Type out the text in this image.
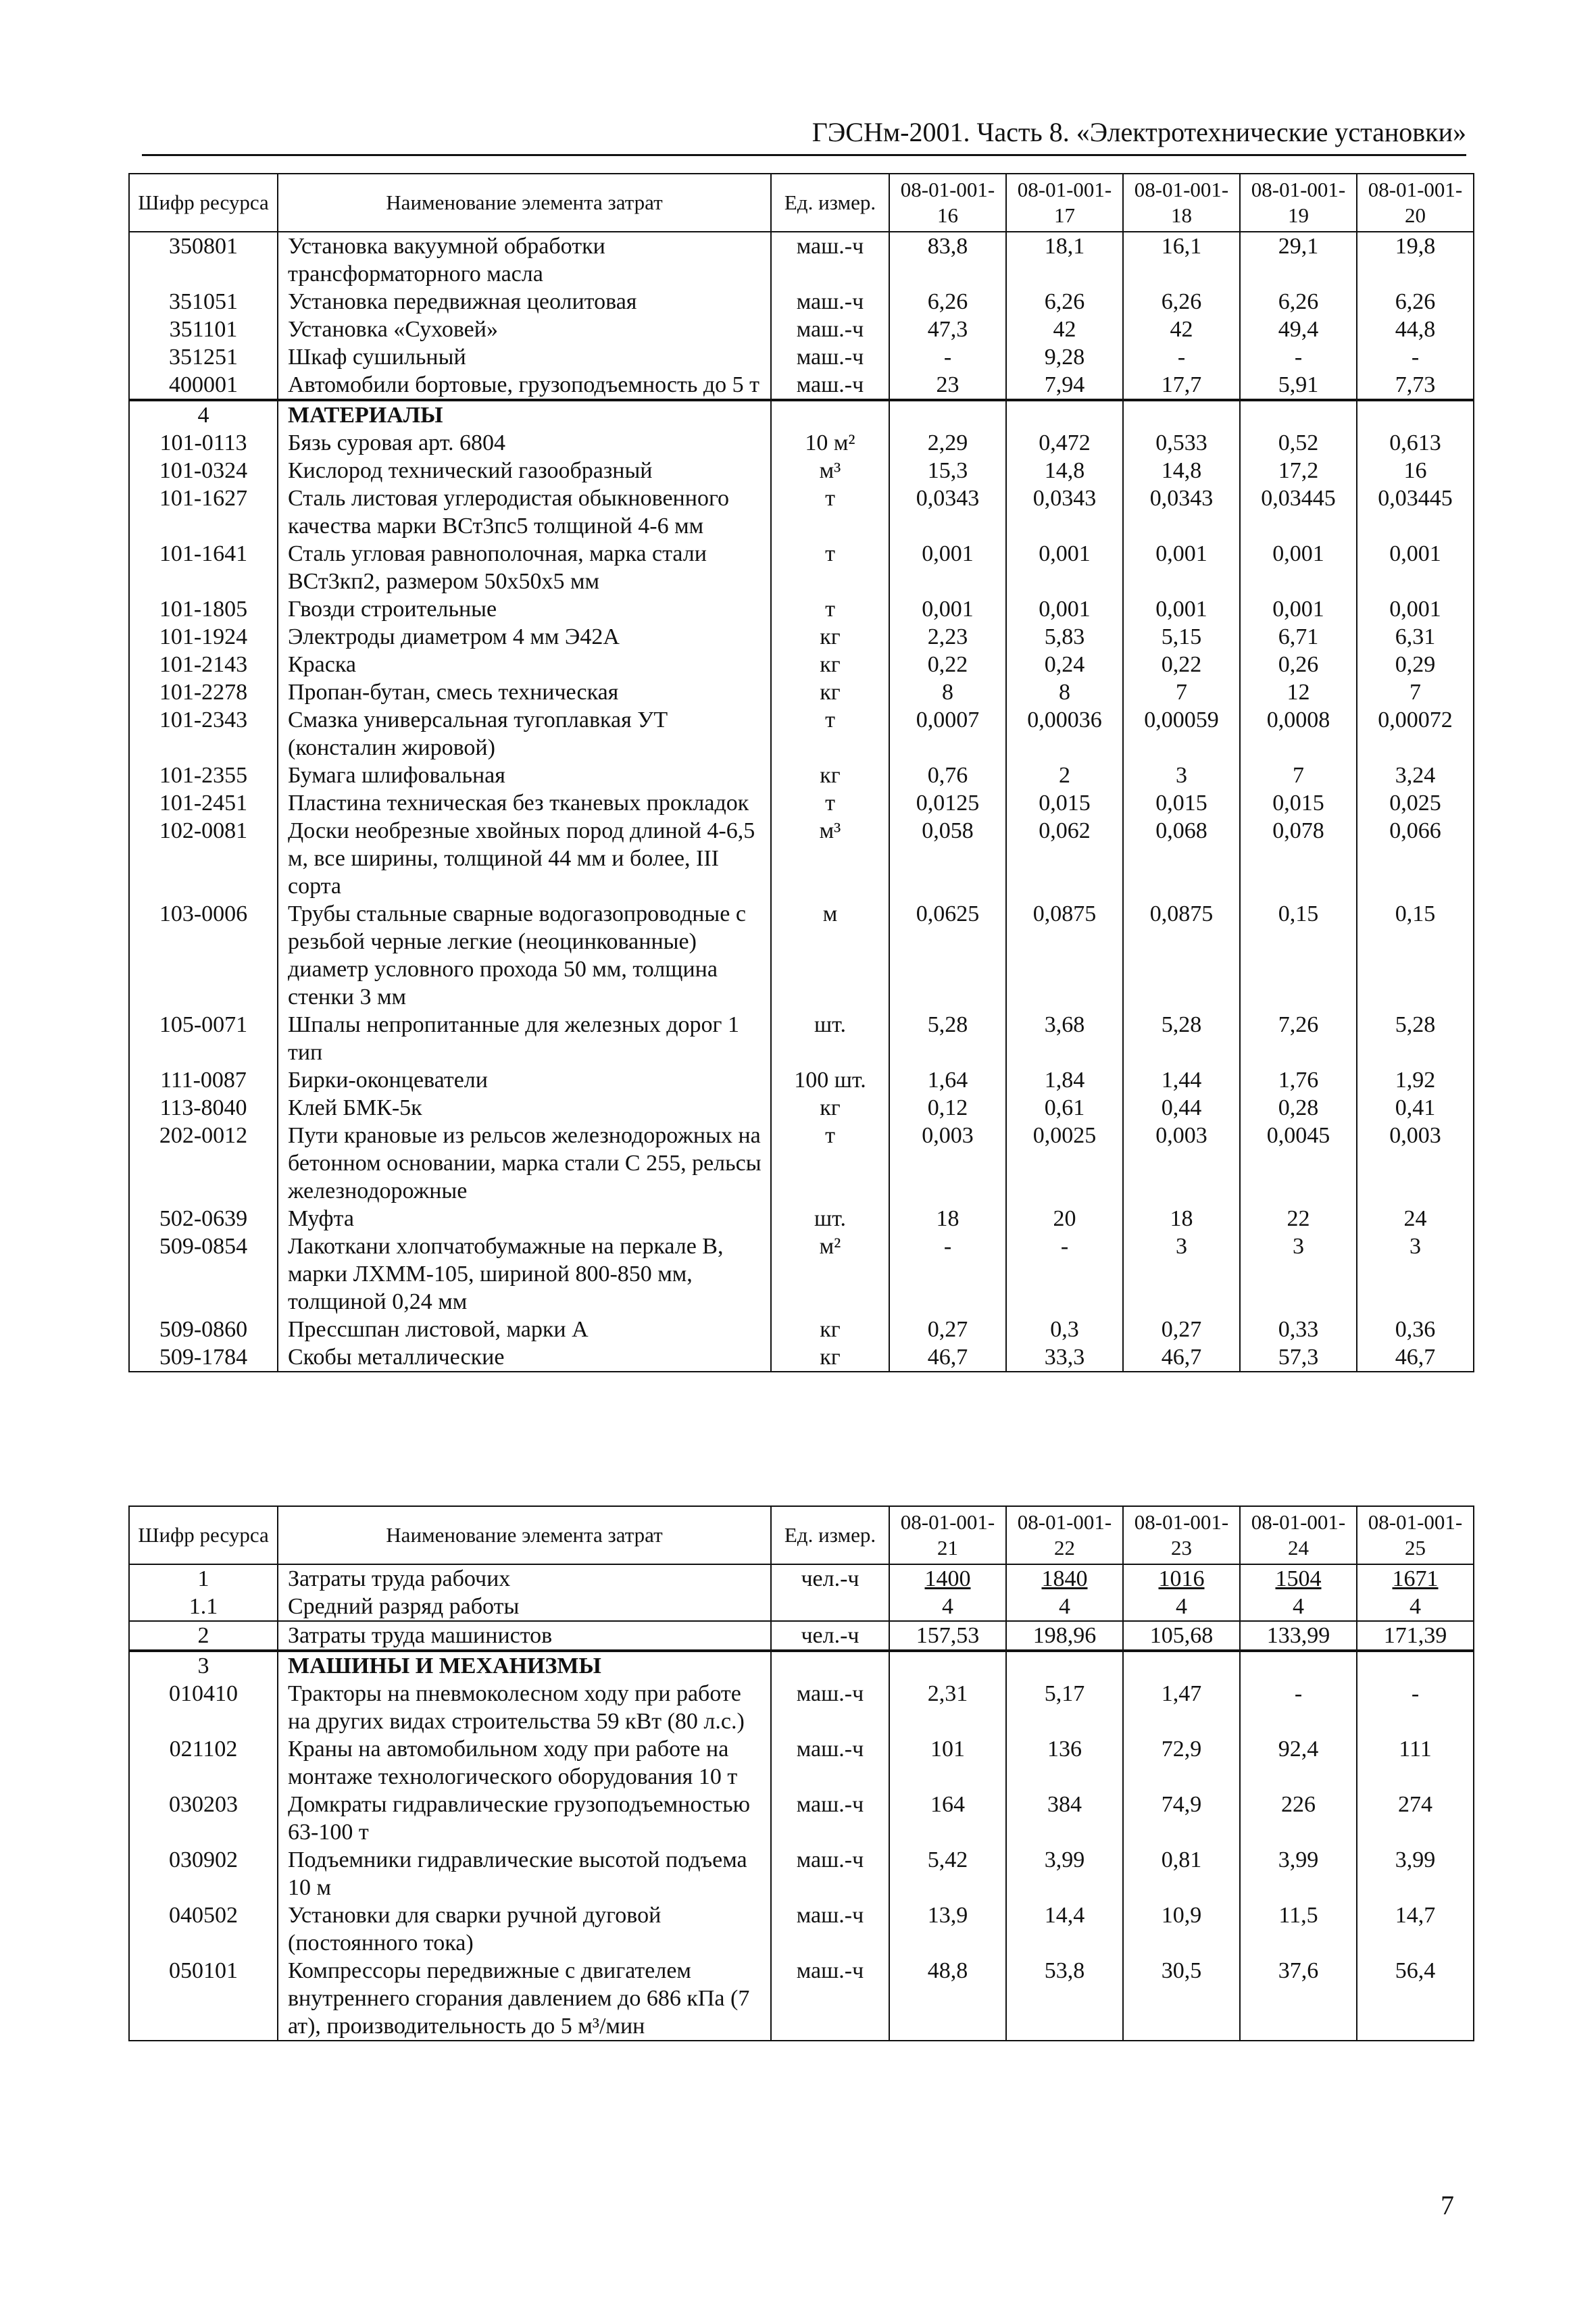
ГЭСНм-2001. Часть 8. «Электротехнические установки»
Шифр ресурса	Наименование элемента затрат	Ед. измер.	08-01-001-16	08-01-001-17	08-01-001-18	08-01-001-19	08-01-001-20
350801	Установка вакуумной обработки трансформаторного масла	маш.-ч	83,8	18,1	16,1	29,1	19,8
351051	Установка передвижная цеолитовая	маш.-ч	6,26	6,26	6,26	6,26	6,26
351101	Установка «Суховей»	маш.-ч	47,3	42	42	49,4	44,8
351251	Шкаф сушильный	маш.-ч	-	9,28	-	-	-
400001	Автомобили бортовые, грузоподъемность до 5 т	маш.-ч	23	7,94	17,7	5,91	7,73
4	МАТЕРИАЛЫ						
101-0113	Бязь суровая арт. 6804	10 м²	2,29	0,472	0,533	0,52	0,613
101-0324	Кислород технический газообразный	м³	15,3	14,8	14,8	17,2	16
101-1627	Сталь листовая углеродистая обыкновенного качества марки ВСт3пс5 толщиной 4-6 мм	т	0,0343	0,0343	0,0343	0,03445	0,03445
101-1641	Сталь угловая равнополочная, марка стали ВСт3кп2, размером 50х50х5 мм	т	0,001	0,001	0,001	0,001	0,001
101-1805	Гвозди строительные	т	0,001	0,001	0,001	0,001	0,001
101-1924	Электроды диаметром 4 мм Э42А	кг	2,23	5,83	5,15	6,71	6,31
101-2143	Краска	кг	0,22	0,24	0,22	0,26	0,29
101-2278	Пропан-бутан, смесь техническая	кг	8	8	7	12	7
101-2343	Смазка универсальная тугоплавкая УТ (консталин жировой)	т	0,0007	0,00036	0,00059	0,0008	0,00072
101-2355	Бумага шлифовальная	кг	0,76	2	3	7	3,24
101-2451	Пластина техническая без тканевых прокладок	т	0,0125	0,015	0,015	0,015	0,025
102-0081	Доски необрезные хвойных пород длиной 4-6,5 м, все ширины, толщиной 44 мм и более, III сорта	м³	0,058	0,062	0,068	0,078	0,066
103-0006	Трубы стальные сварные водогазопроводные с резьбой черные легкие (неоцинкованные) диаметр условного прохода 50 мм, толщина стенки 3 мм	м	0,0625	0,0875	0,0875	0,15	0,15
105-0071	Шпалы непропитанные для железных дорог 1 тип	шт.	5,28	3,68	5,28	7,26	5,28
111-0087	Бирки-оконцеватели	100 шт.	1,64	1,84	1,44	1,76	1,92
113-8040	Клей БМК-5к	кг	0,12	0,61	0,44	0,28	0,41
202-0012	Пути крановые из рельсов железнодорожных на бетонном основании, марка стали С 255, рельсы железнодорожные	т	0,003	0,0025	0,003	0,0045	0,003
502-0639	Муфта	шт.	18	20	18	22	24
509-0854	Лакоткани хлопчатобумажные на перкале В, марки ЛХММ-105, шириной 800-850 мм, толщиной 0,24 мм	м²	-	-	3	3	3
509-0860	Прессшпан листовой, марки А	кг	0,27	0,3	0,27	0,33	0,36
509-1784	Скобы металлические	кг	46,7	33,3	46,7	57,3	46,7
Шифр ресурса	Наименование элемента затрат	Ед. измер.	08-01-001-21	08-01-001-22	08-01-001-23	08-01-001-24	08-01-001-25
1	Затраты труда рабочих	чел.-ч	1400	1840	1016	1504	1671
1.1	Средний разряд работы		4	4	4	4	4
2	Затраты труда машинистов	чел.-ч	157,53	198,96	105,68	133,99	171,39
3	МАШИНЫ И МЕХАНИЗМЫ						
010410	Тракторы на пневмоколесном ходу при работе на других видах строительства 59 кВт (80 л.с.)	маш.-ч	2,31	5,17	1,47	-	-
021102	Краны на автомобильном ходу при работе на монтаже технологического оборудования 10 т	маш.-ч	101	136	72,9	92,4	111
030203	Домкраты гидравлические грузоподъемностью 63-100 т	маш.-ч	164	384	74,9	226	274
030902	Подъемники гидравлические высотой подъема 10 м	маш.-ч	5,42	3,99	0,81	3,99	3,99
040502	Установки для сварки ручной дуговой (постоянного тока)	маш.-ч	13,9	14,4	10,9	11,5	14,7
050101	Компрессоры передвижные с двигателем внутреннего сгорания давлением до 686 кПа (7 ат), производительность до 5 м³/мин	маш.-ч	48,8	53,8	30,5	37,6	56,4
7
